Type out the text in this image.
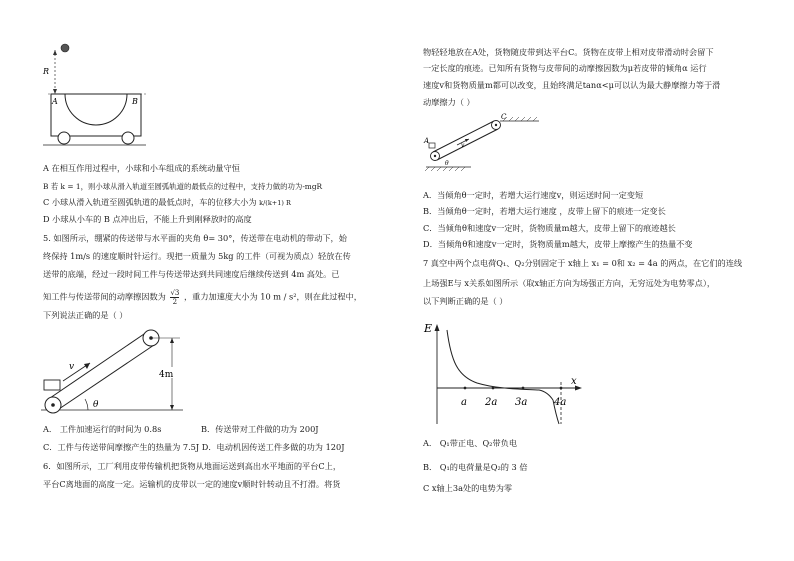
R
A	B
A 在相互作用过程中，小球和小车组成的系统动量守恒
B 若 k = 1，则小球从滑入轨道至圆弧轨道的最低点的过程中，支持力做的功为-mgR
C 小球从滑入轨道至圆弧轨道的最低点时，车的位移大小为 k/(k+1) R
D 小球从小车的 B 点冲出后，不能上升到刚释放时的高度
5. 如图所示，绷紧的传送带与水平面的夹角 θ= 30°，传送带在电动机的带动下，始
终保持 1m/s 的速度顺时针运行。现把一质量为 5kg 的工件（可视为质点）轻放在传
送带的底端，经过一段时间工件与传送带达到共同速度后继续传送到 4m 高处。已
知工件与传送带间的动摩擦因数为 $\frac{√3}{2}$ ，重力加速度大小为 10 m / s²，则在此过程中，
下列说法正确的是（ ）
v
4m
θ
A． 工件加速运行的时间为 0.8s	B．传送带对工件做的功为 200J
C．工件与传送带间摩擦产生的热量为 7.5J D．电动机因传送工件多做的功为 120J
6．如图所示，工厂利用皮带传输机把货物从地面运送到高出水平地面的平台C上，
平台C离地面的高度一定。运输机的皮带以一定的速度v顺时针转动且不打滑。将货
物轻轻地放在A处，货物随皮带到达平台C。货物在皮带上相对皮带滑动时会留下
一定长度的痕迹。已知所有货物与皮带间的动摩擦因数为μ若皮带的倾角α 运行
速度v和货物质量m都可以改变，且始终满足tanα<μ可以认为最大静摩擦力等于滑
动摩擦力（ ）
C
A
v
θ
A．当倾角θ一定时，若增大运行速度v，则运送时间一定变短
B．当倾角θ一定时，若增大运行速度 ，皮带上留下的痕迹一定变长
C．当倾角θ和速度v一定时，货物质量m越大，皮带上留下的痕迹越长
D．当倾角θ和速度v一定时，货物质量m越大，皮带上摩擦产生的热量不变
7 真空中两个点电荷Q₁、Q₂分别固定于 x轴上 x₁ = 0和 x₂ = 4a 的两点，在它们的连线
上场强E与 x关系如图所示（取x轴正方向为场强正方向，无穷远处为电势零点），
以下判断正确的是（ ）
E
x
a 2a 3a	4a
A． Q₁带正电、Q₂带负电
B． Q₁的电荷量是Q₂的 3 倍
C x轴上3a处的电势为零
